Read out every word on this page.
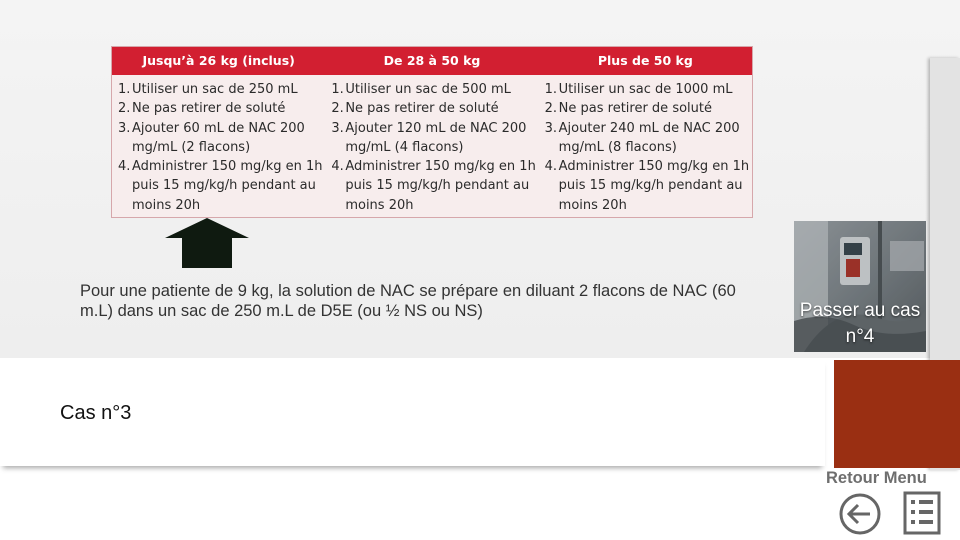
Jusqu’à 26 kg (inclus)	De 28 à 50 kg	Plus de 50 kg
1. Utiliser un sac de 250 mL
2. Ne pas retirer de soluté
3. Ajouter 60 mL de NAC 200 mg/mL (2 flacons)
4. Administrer 150 mg/kg en 1h puis 15 mg/kg/h pendant au moins 20h
1. Utiliser un sac de 500 mL
2. Ne pas retirer de soluté
3. Ajouter 120 mL de NAC 200 mg/mL (4 flacons)
4. Administrer 150 mg/kg en 1h puis 15 mg/kg/h pendant au moins 20h
1. Utiliser un sac de 1000 mL
2. Ne pas retirer de soluté
3. Ajouter 240 mL de NAC 200 mg/mL (8 flacons)
4. Administrer 150 mg/kg en 1h puis 15 mg/kg/h pendant au moins 20h

Pour une patiente de 9 kg, la solution de NAC se prépare en diluant 2 flacons de NAC (60 m.L) dans un sac de 250 m.L de D5E (ou ½ NS ou NS)

Cas n°3
Passer au cas n°4
Retour Menu
